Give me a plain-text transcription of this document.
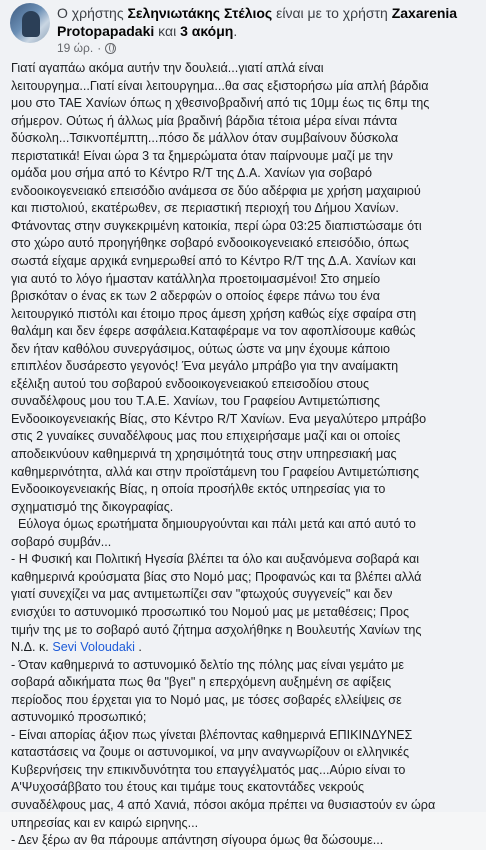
Ο χρήστης Σεληνιωτάκης Στέλιος είναι με το χρήστη Zaxarenia Protopapadaki και 3 ακόμη.
19 ώρ. ·

Γιατί αγαπάω ακόμα αυτήν την δουλειά...γιατί απλά είναι

λειτουργημα...Γιατί είναι λειτουργημα...θα σας εξιστορήσω μία απλή βάρδια

μου στο ΤΑΕ Χανίων όπως η χθεσινοβραδινή από τις 10μμ έως τις 6πμ της

σήμερον. Ούτως ή άλλως μία βραδινή βάρδια τέτοια μέρα είναι πάντα

δύσκολη...Τσικνοπέμπτη...πόσο δε μάλλον όταν συμβαίνουν δύσκολα

περιστατικά! Είναι ώρα 3 τα ξημερώματα όταν παίρνουμε μαζί με την

ομάδα μου σήμα από το Κέντρο R/T της Δ.Α. Χανίων για σοβαρό

ενδοοικογενειακό επεισόδιο ανάμεσα σε δύο αδέρφια με χρήση μαχαιριού

και πιστολιού, εκατέρωθεν, σε περιαστική περιοχή του Δήμου Χανίων.

Φτάνοντας στην συγκεκριμένη κατοικία, περί ώρα 03:25 διαπιστώσαμε ότι

στο χώρο αυτό προηγήθηκε σοβαρό ενδοοικογενειακό επεισόδιο, όπως

σωστά είχαμε αρχικά ενημερωθεί από το Κέντρο R/T της Δ.Α. Χανίων και

για αυτό το λόγο ήμασταν κατάλληλα προετοιμασμένοι! Στο σημείο

βρισκόταν ο ένας εκ των 2 αδερφών ο οποίος έφερε πάνω του ένα

λειτουργικό πιστόλι και έτοιμο προς άμεση χρήση καθώς είχε σφαίρα στη

θαλάμη και δεν έφερε ασφάλεια.Καταφέραμε να τον αφοπλίσουμε καθώς

δεν ήταν καθόλου συνεργάσιμος, ούτως ώστε να μην έχουμε κάποιο

επιπλέον δυσάρεστο γεγονός! Ένα μεγάλο μπράβο για την αναίμακτη

εξέλιξη αυτού του σοβαρού ενδοοικογενειακού επεισοδίου στους

συναδέλφους μου του Τ.Α.Ε. Χανίων, του Γραφείου Αντιμετώπισης

Ενδοοικογενειακής Βίας, στο Κέντρο R/T Χανίων. Ενα μεγαλύτερο μπράβο

στις 2 γυναίκες συναδέλφους μας που επιχειρήσαμε μαζί και οι οποίες

αποδεικνύουν καθημερινά τη χρησιμότητά τους στην υπηρεσιακή μας

καθημερινότητα, αλλά και στην προϊστάμενη του Γραφείου Αντιμετώπισης

Ενδοοικογενειακής Βίας, η οποία προσήλθε εκτός υπηρεσίας για το

σχηματισμό της δικογραφίας.

Εύλογα όμως ερωτήματα δημιουργούνται και πάλι μετά και από αυτό το

σοβαρό συμβάν...

- Η Φυσική και Πολιτική Ηγεσία βλέπει τα όλο και αυξανόμενα σοβαρά και

καθημερινά κρούσματα βίας στο Νομό μας; Προφανώς και τα βλέπει αλλά

γιατί συνεχίζει να μας αντιμετωπίζει σαν "φτωχούς συγγενείς" και δεν

ενισχύει το αστυνομικό προσωπικό του Νομού μας με μεταθέσεις; Προς

τιμήν της με το σοβαρό αυτό ζήτημα ασχολήθηκε η Βουλευτής Χανίων της

Ν.Δ. κ. Sevi Voloudaki .

- Όταν καθημερινά το αστυνομικό δελτίο της πόλης μας είναι γεμάτο με

σοβαρά αδικήματα πως θα "βγει" η επερχόμενη αυξημένη σε αφίξεις

περίοδος που έρχεται για το Νομό μας, με τόσες σοβαρές ελλείψεις σε

αστυνομικό προσωπικό;

- Είναι απορίας άξιον πως γίνεται βλέποντας καθημερινά ΕΠΙΚΙΝΔΥΝΕΣ

καταστάσεις να ζουμε οι αστυνομικοί, να μην αναγνωρίζουν οι ελληνικές

Κυβερνήσεις την επικινδυνότητα του επαγγέλματός μας...Αύριο είναι το

Α'Ψυχοσάββατο του έτους και τιμάμε τους εκατοντάδες νεκρούς

συναδέλφους μας, 4 από Χανιά, πόσοι ακόμα πρέπει να θυσιαστούν εν ώρα

υπηρεσίας και εν καιρώ ειρηνης...

- Δεν ξέρω αν θα πάρουμε απάντηση σίγουρα όμως θα δώσουμε...
